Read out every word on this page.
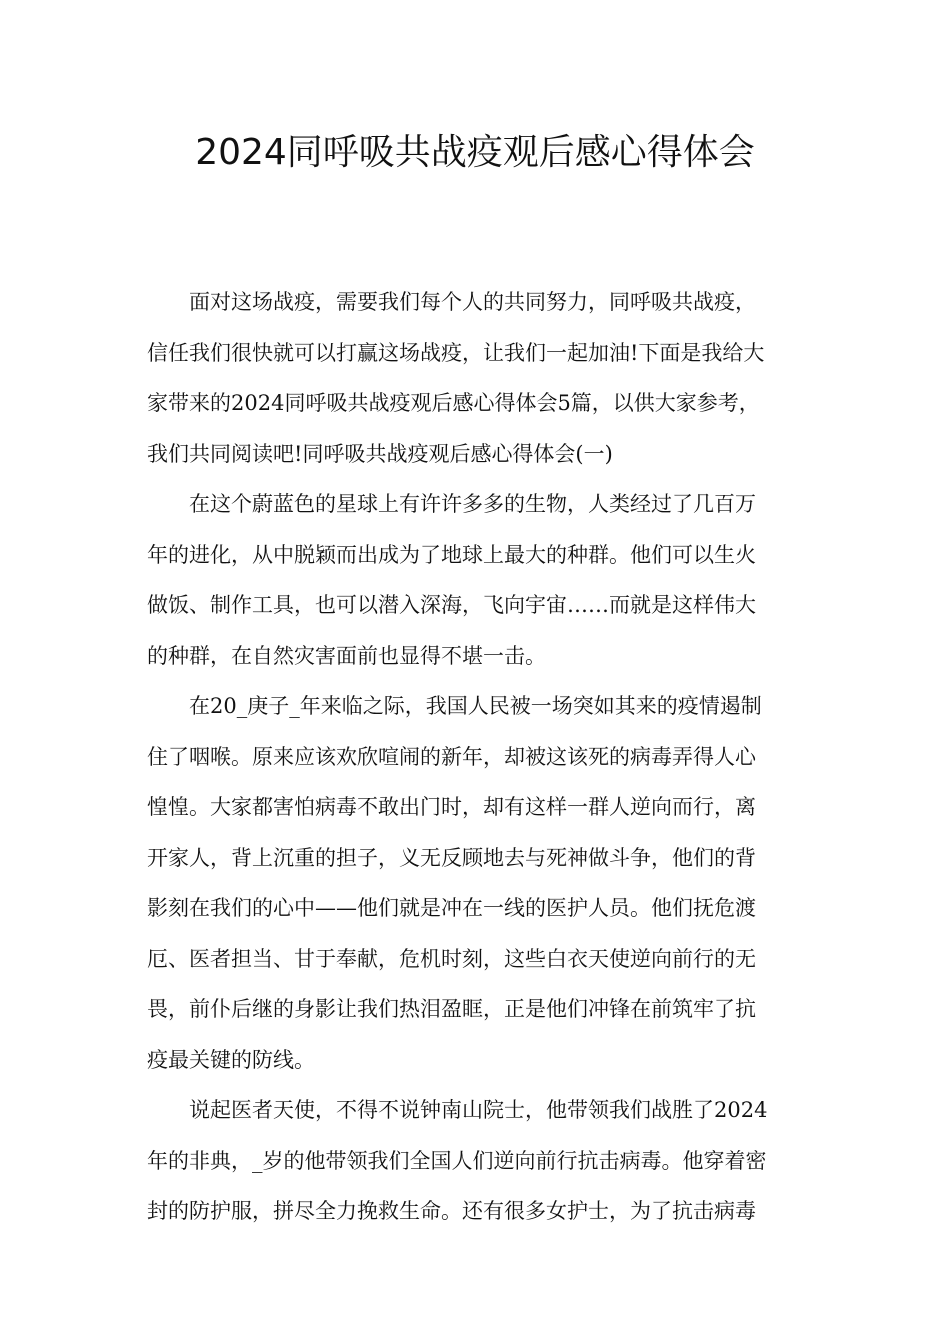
2024同呼吸共战疫观后感心得体会

面对这场战疫，需要我们每个人的共同努力，同呼吸共战疫，
信任我们很快就可以打赢这场战疫，让我们一起加油!下面是我给大
家带来的2024同呼吸共战疫观后感心得体会5篇，以供大家参考，
我们共同阅读吧!同呼吸共战疫观后感心得体会(一)

在这个蔚蓝色的星球上有许许多多的生物，人类经过了几百万
年的进化，从中脱颖而出成为了地球上最大的种群。他们可以生火
做饭、制作工具，也可以潜入深海，飞向宇宙……而就是这样伟大
的种群，在自然灾害面前也显得不堪一击。

在20_庚子_年来临之际，我国人民被一场突如其来的疫情遏制
住了咽喉。原来应该欢欣喧闹的新年，却被这该死的病毒弄得人心
惶惶。大家都害怕病毒不敢出门时，却有这样一群人逆向而行，离
开家人，背上沉重的担子，义无反顾地去与死神做斗争，他们的背
影刻在我们的心中——他们就是冲在一线的医护人员。他们抚危渡
厄、医者担当、甘于奉献，危机时刻，这些白衣天使逆向前行的无
畏，前仆后继的身影让我们热泪盈眶，正是他们冲锋在前筑牢了抗
疫最关键的防线。

说起医者天使，不得不说钟南山院士，他带领我们战胜了2024
年的非典，_岁的他带领我们全国人们逆向前行抗击病毒。他穿着密
封的防护服，拼尽全力挽救生命。还有很多女护士，为了抗击病毒
